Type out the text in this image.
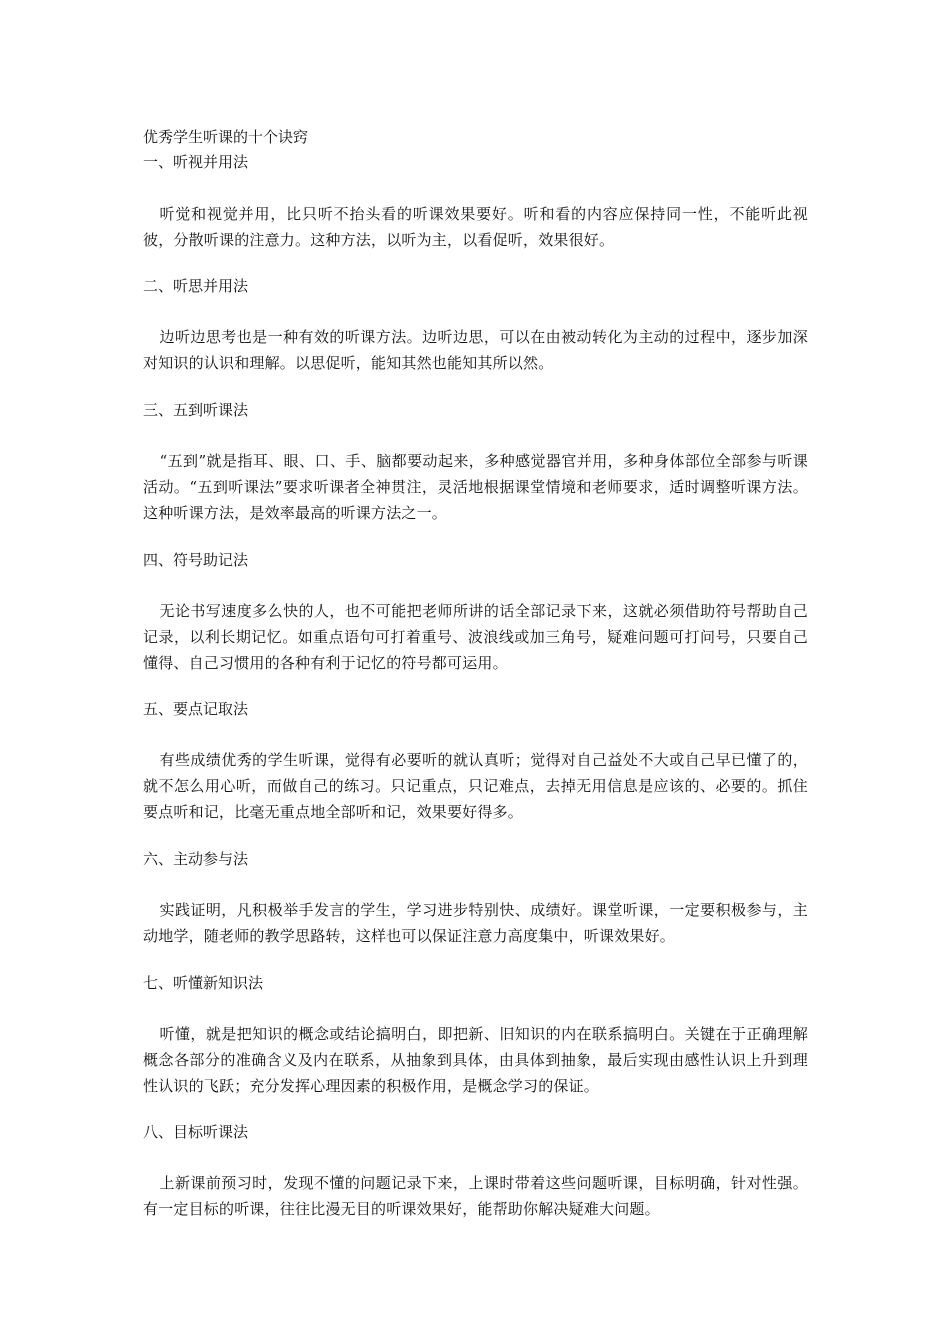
优秀学生听课的十个诀窍
一、听视并用法
听觉和视觉并用，比只听不抬头看的听课效果要好。听和看的内容应保持同一性，不能听此视彼，分散听课的注意力。这种方法，以听为主，以看促听，效果很好。
二、听思并用法
边听边思考也是一种有效的听课方法。边听边思，可以在由被动转化为主动的过程中，逐步加深对知识的认识和理解。以思促听，能知其然也能知其所以然。
三、五到听课法
“五到”就是指耳、眼、口、手、脑都要动起来，多种感觉器官并用，多种身体部位全部参与听课活动。“五到听课法”要求听课者全神贯注，灵活地根据课堂情境和老师要求，适时调整听课方法。这种听课方法，是效率最高的听课方法之一。
四、符号助记法
无论书写速度多么快的人，也不可能把老师所讲的话全部记录下来，这就必须借助符号帮助自己记录，以利长期记忆。如重点语句可打着重号、波浪线或加三角号，疑难问题可打问号，只要自己懂得、自己习惯用的各种有利于记忆的符号都可运用。
五、要点记取法
有些成绩优秀的学生听课，觉得有必要听的就认真听；觉得对自己益处不大或自己早已懂了的，就不怎么用心听，而做自己的练习。只记重点，只记难点，去掉无用信息是应该的、必要的。抓住要点听和记，比毫无重点地全部听和记，效果要好得多。
六、主动参与法
实践证明，凡积极举手发言的学生，学习进步特别快、成绩好。课堂听课，一定要积极参与，主动地学，随老师的教学思路转，这样也可以保证注意力高度集中，听课效果好。
七、听懂新知识法
听懂，就是把知识的概念或结论搞明白，即把新、旧知识的内在联系搞明白。关键在于正确理解概念各部分的准确含义及内在联系，从抽象到具体，由具体到抽象，最后实现由感性认识上升到理性认识的飞跃；充分发挥心理因素的积极作用，是概念学习的保证。
八、目标听课法
上新课前预习时，发现不懂的问题记录下来，上课时带着这些问题听课，目标明确，针对性强。有一定目标的听课，往往比漫无目的听课效果好，能帮助你解决疑难大问题。
